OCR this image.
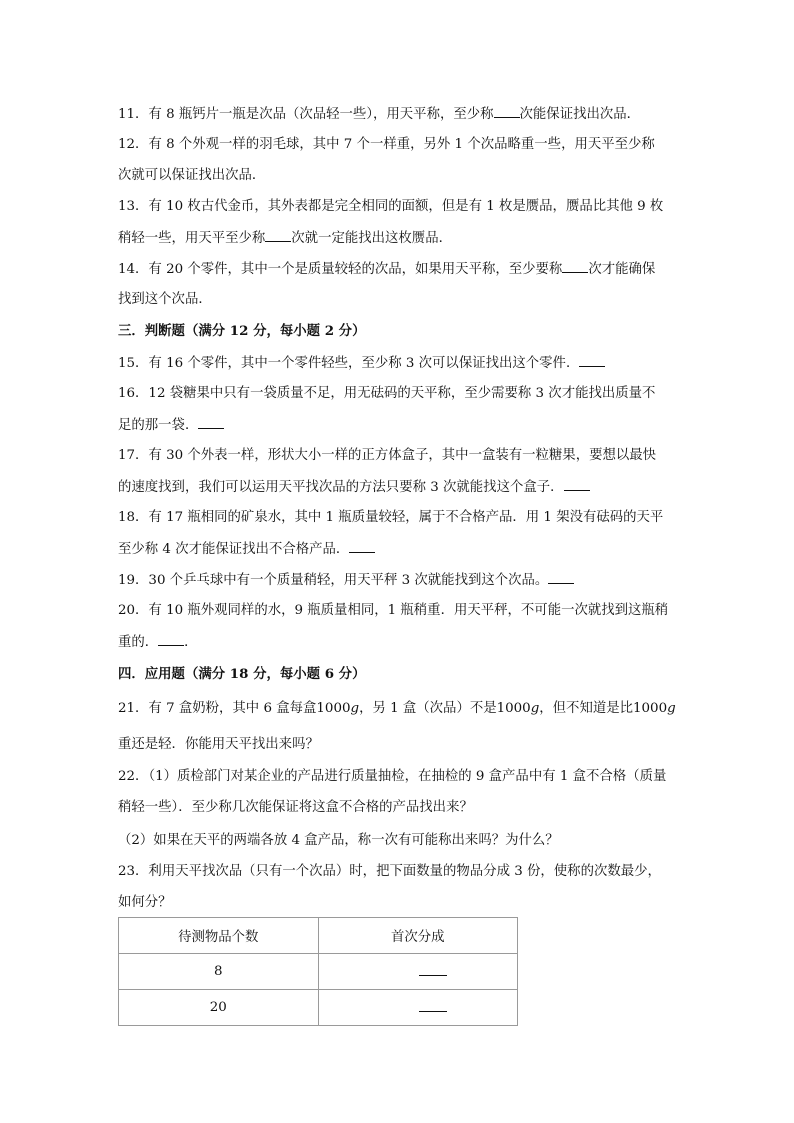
11．有 8 瓶钙片一瓶是次品（次品轻一些），用天平称，至少称 次能保证找出次品．
12．有 8 个外观一样的羽毛球，其中 7 个一样重，另外 1 个次品略重一些，用天平至少称
次就可以保证找出次品．
13．有 10 枚古代金币，其外表都是完全相同的面额，但是有 1 枚是赝品，赝品比其他 9 枚
稍轻一些，用天平至少称 次就一定能找出这枚赝品．
14．有 20 个零件，其中一个是质量较轻的次品，如果用天平称，至少要称 次才能确保
找到这个次品．
三．判断题（满分 12 分，每小题 2 分）
15．有 16 个零件，其中一个零件轻些，至少称 3 次可以保证找出这个零件．
16．12 袋糖果中只有一袋质量不足，用无砝码的天平称，至少需要称 3 次才能找出质量不
足的那一袋．
17．有 30 个外表一样，形状大小一样的正方体盒子，其中一盒装有一粒糖果，要想以最快
的速度找到，我们可以运用天平找次品的方法只要称 3 次就能找这个盒子．
18．有 17 瓶相同的矿泉水，其中 1 瓶质量较轻，属于不合格产品．用 1 架没有砝码的天平
至少称 4 次才能保证找出不合格产品．
19．30 个乒乓球中有一个质量稍轻，用天平秤 3 次就能找到这个次品。
20．有 10 瓶外观同样的水，9 瓶质量相同，1 瓶稍重．用天平秤，不可能一次就找到这瓶稍
重的． ．
四．应用题（满分 18 分，每小题 6 分）
21．有 7 盒奶粉，其中 6 盒每盒1000g，另 1 盒（次品）不是1000g，但不知道是比1000g
重还是轻．你能用天平找出来吗？
22．（1）质检部门对某企业的产品进行质量抽检，在抽检的 9 盒产品中有 1 盒不合格（质量
稍轻一些）．至少称几次能保证将这盒不合格的产品找出来？
（2）如果在天平的两端各放 4 盒产品，称一次有可能称出来吗？为什么？
23．利用天平找次品（只有一个次品）时，把下面数量的物品分成 3 份，使称的次数最少，
如何分？
待测物品个数	首次分成
8	
20	
